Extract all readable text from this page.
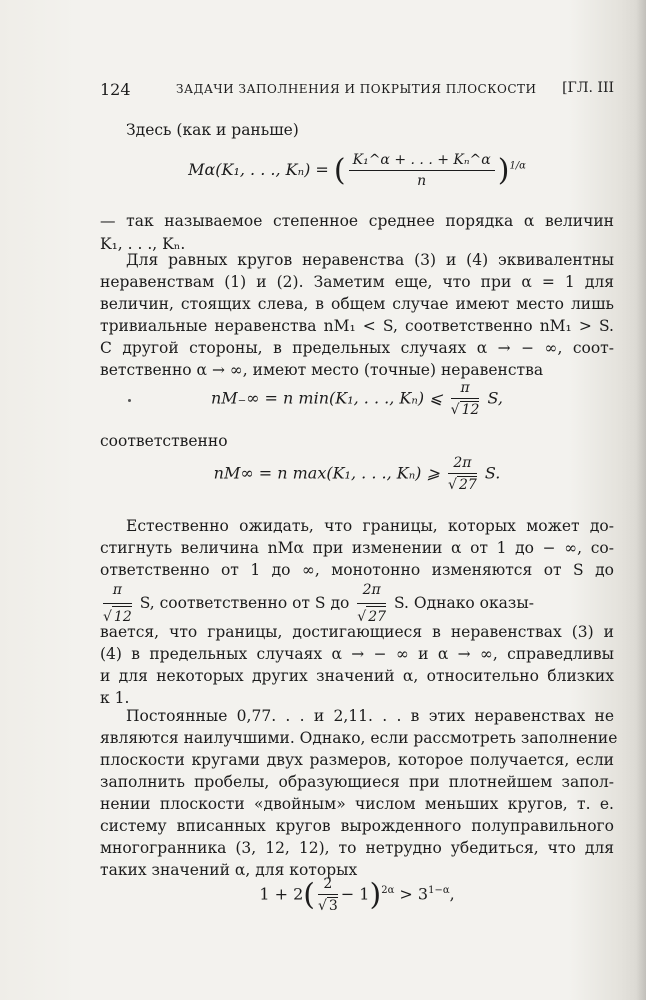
124	ЗАДАЧИ ЗАПОЛНЕНИЯ И ПОКРЫТИЯ ПЛОСКОСТИ [ГЛ. III
Здесь (как и раньше)
Mα(K₁, . . ., Kₙ) = ( $\frac{\text{K₁\textasciicircum{}α + . . . + Kₙ\textasciicircum{}α}}{n} )^{1/\alpha}$
— так называемое степенное среднее порядка α величин
K₁, . . ., Kₙ.
Для равных кругов неравенства (3) и (4) эквивалентны
неравенствам (1) и (2). Заметим еще, что при α = 1 для
величин, стоящих слева, в общем случае имеют место лишь
тривиальные неравенства nM₁ < S, соответственно nM₁ > S.
С другой стороны, в предельных случаях α → − ∞, соот-
ветственно α → ∞, имеют место (точные) неравенства
nM₋∞ = n min(K₁, . . ., Kₙ) ⩽ $\frac{\pi}{√ 12} S$,
соответственно
nM∞ = n max(K₁, . . ., Kₙ) ⩾ $\frac{2\pi}{√ 27} S$.
Естественно ожидать, что границы, которых может до-
стигнуть величина nMα при изменении α от 1 до − ∞, со-
ответственно от 1 до ∞, монотонно изменяются от S до
$\frac{\pi}{√ 12} S$, соответственно от S до $\frac{2\pi}{√ 27} S$. Однако оказы-
вается, что границы, достигающиеся в неравенствах (3) и
(4) в предельных случаях α → − ∞ и α → ∞, справедливы
и для некоторых других значений α, относительно близких
к 1.
Постоянные 0,77. . . и 2,11. . . в этих неравенствах не
являются наилучшими. Однако, если рассмотреть заполнение
плоскости кругами двух размеров, которое получается, если
заполнить пробелы, образующиеся при плотнейшем запол-
нении плоскости «двойным» числом меньших кругов, т. е.
систему вписанных кругов вырожденного полуправильного
многогранника (3, 12, 12), то нетрудно убедиться, что для
таких значений α, для которых
$1 + 2( \frac{2}{√ 3} - 1)^{2\alpha} > 3^{1-\alpha}$,
